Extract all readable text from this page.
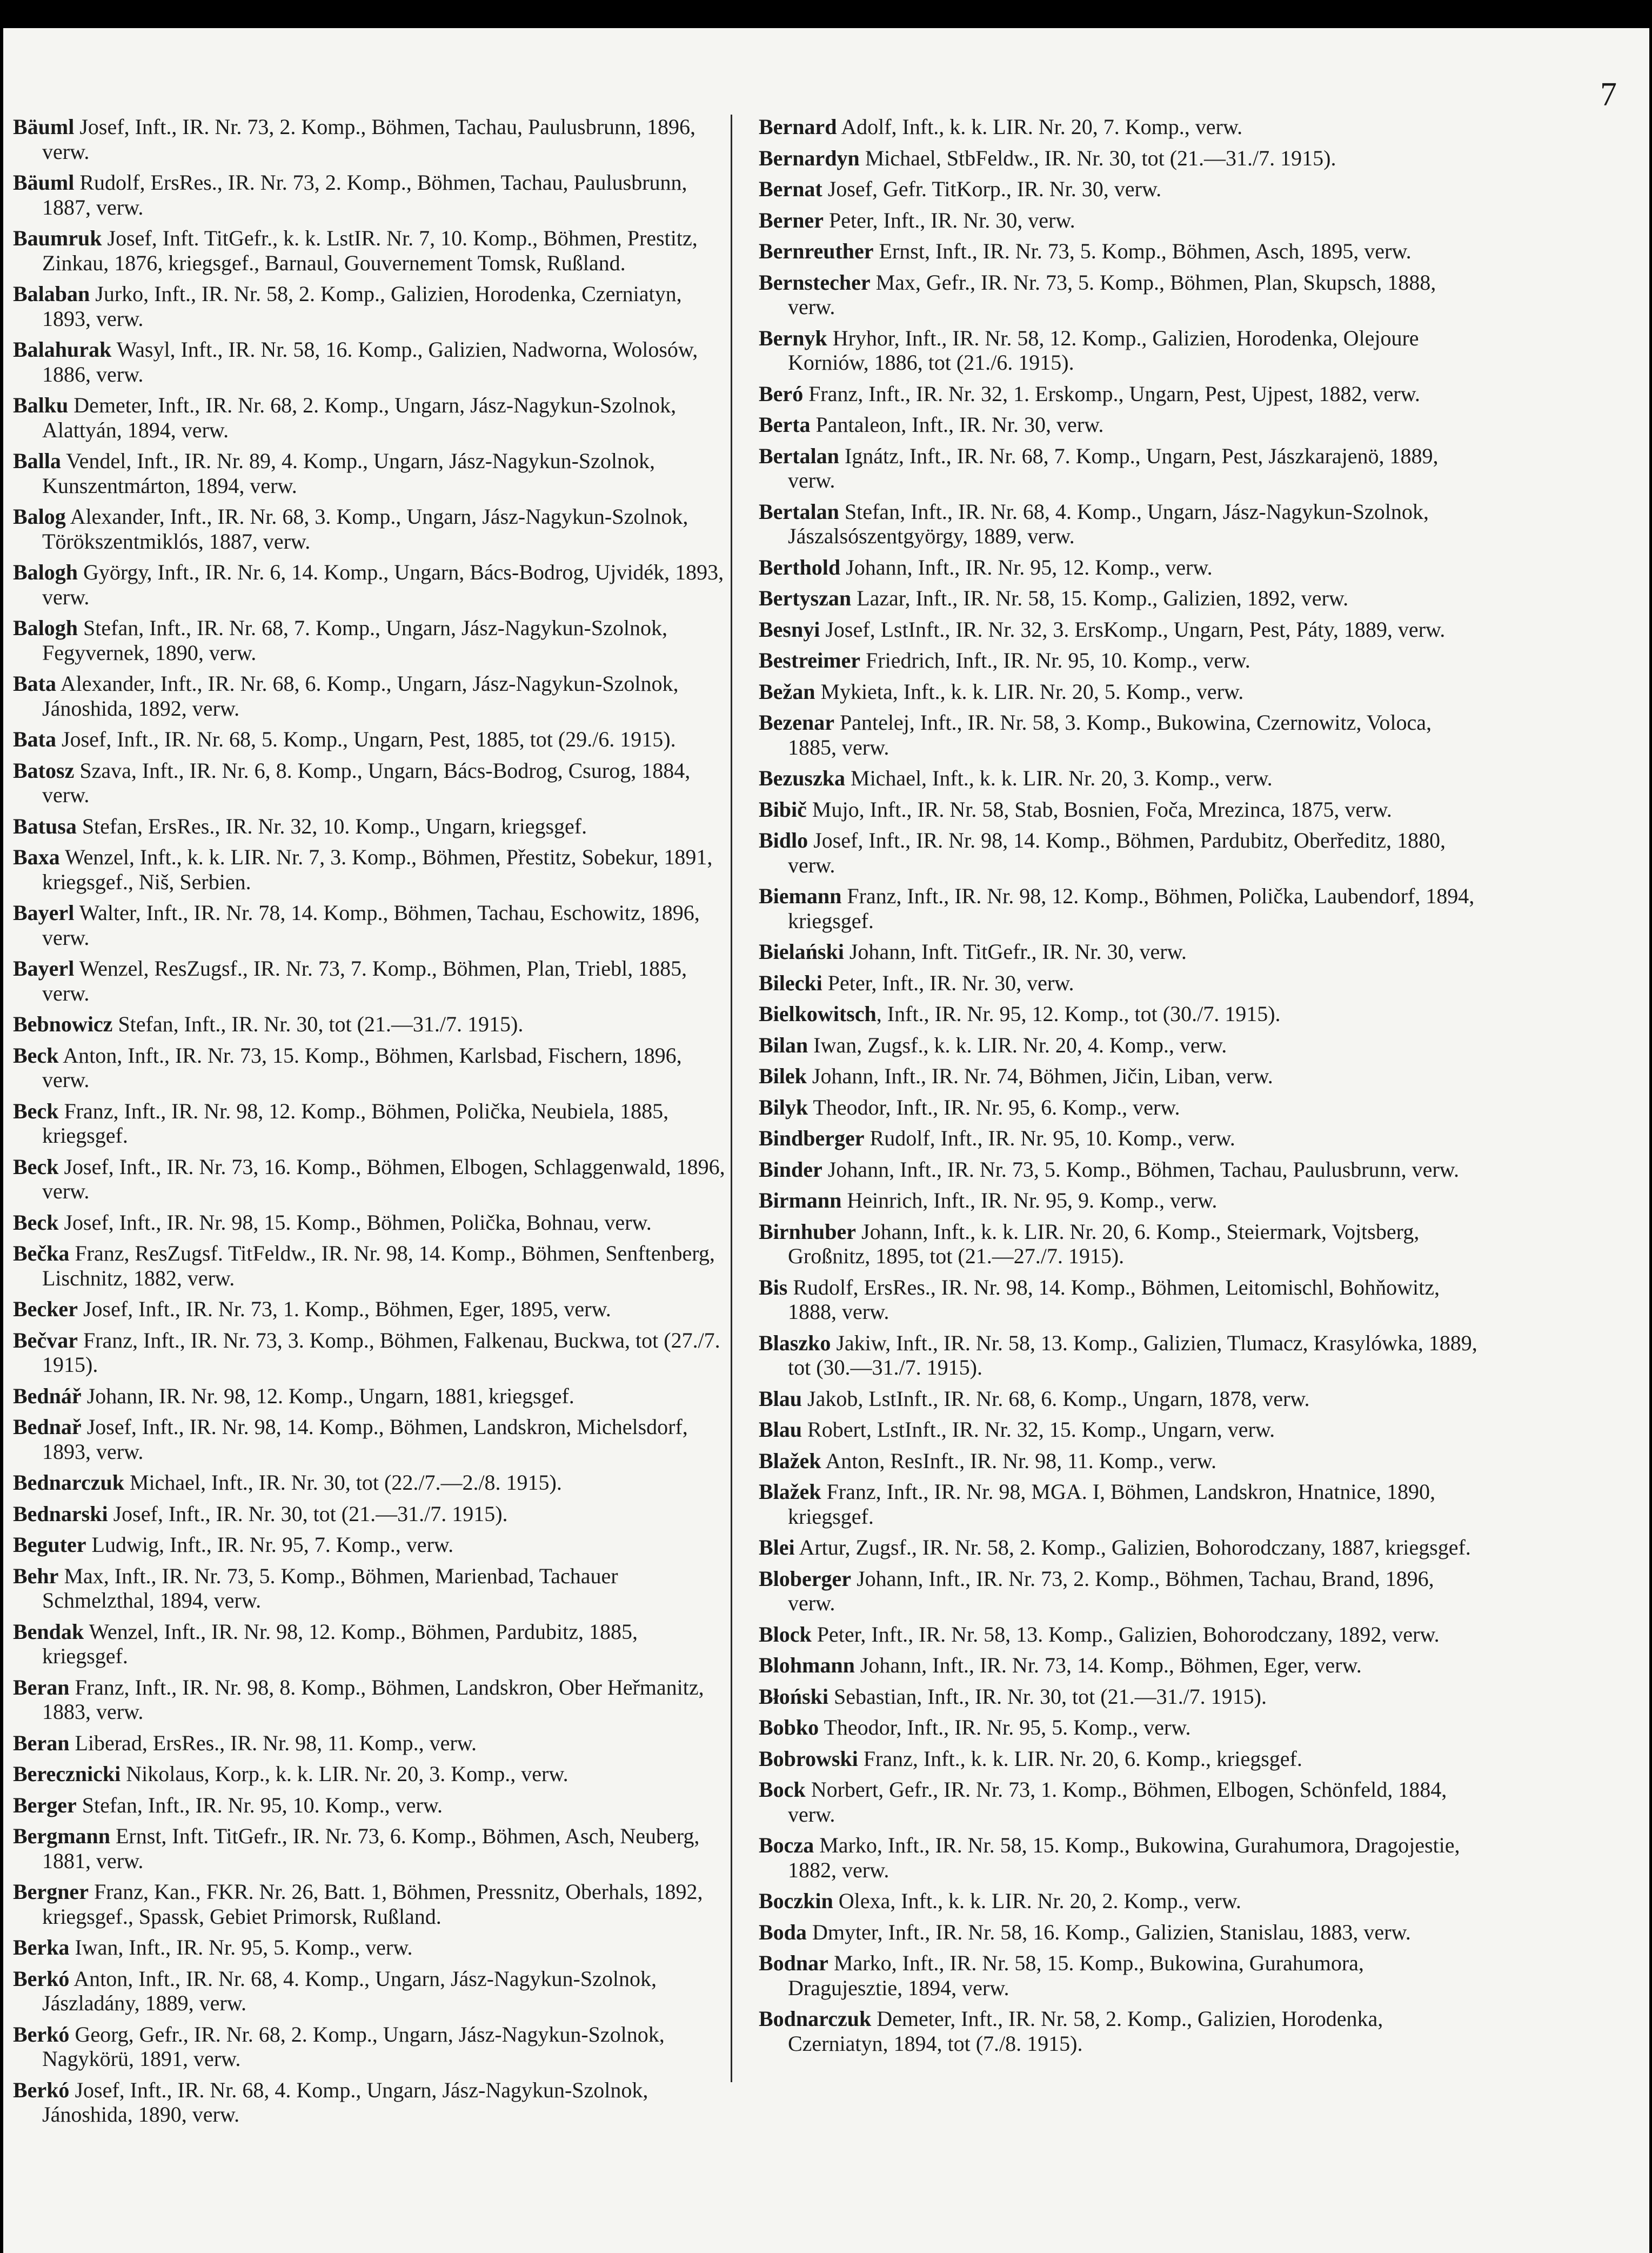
7

Bäuml Josef, Inft., IR. Nr. 73, 2. Komp., Böhmen, Tachau, Paulusbrunn, 1896, verw.

Bäuml Rudolf, ErsRes., IR. Nr. 73, 2. Komp., Böhmen, Tachau, Paulusbrunn, 1887, verw.

Baumruk Josef, Inft. TitGefr., k. k. LstIR. Nr. 7, 10. Komp., Böhmen, Prestitz, Zinkau, 1876, kriegsgef., Barnaul, Gouvernement Tomsk, Rußland.

Balaban Jurko, Inft., IR. Nr. 58, 2. Komp., Galizien, Horodenka, Czerniatyn, 1893, verw.

Balahurak Wasyl, Inft., IR. Nr. 58, 16. Komp., Galizien, Nadworna, Wolosów, 1886, verw.

Balku Demeter, Inft., IR. Nr. 68, 2. Komp., Ungarn, Jász-Nagykun-Szolnok, Alattyán, 1894, verw.

Balla Vendel, Inft., IR. Nr. 89, 4. Komp., Ungarn, Jász-Nagykun-Szolnok, Kunszentmárton, 1894, verw.

Balog Alexander, Inft., IR. Nr. 68, 3. Komp., Ungarn, Jász-Nagykun-Szolnok, Törökszentmiklós, 1887, verw.

Balogh Györgу, Inft., IR. Nr. 6, 14. Komp., Ungarn, Bács-Bodrog, Ujvidék, 1893, verw.

Balogh Stefan, Inft., IR. Nr. 68, 7. Komp., Ungarn, Jász-Nagykun-Szolnok, Fegyvernek, 1890, verw.

Bata Alexander, Inft., IR. Nr. 68, 6. Komp., Ungarn, Jász-Nagykun-Szolnok, Jánoshida, 1892, verw.

Bata Josef, Inft., IR. Nr. 68, 5. Komp., Ungarn, Pest, 1885, tot (29./6. 1915).

Batosz Szava, Inft., IR. Nr. 6, 8. Komp., Ungarn, Bács-Bodrog, Csurog, 1884, verw.

Batusa Stefan, ErsRes., IR. Nr. 32, 10. Komp., Ungarn, kriegsgef.

Baxa Wenzel, Inft., k. k. LIR. Nr. 7, 3. Komp., Böhmen, Přestitz, Sobekur, 1891, kriegsgef., Niš, Serbien.

Bayerl Walter, Inft., IR. Nr. 78, 14. Komp., Böhmen, Tachau, Eschowitz, 1896, verw.

Bayerl Wenzel, ResZugsf., IR. Nr. 73, 7. Komp., Böhmen, Plan, Triebl, 1885, verw.

Bebnowicz Stefan, Inft., IR. Nr. 30, tot (21.—31./7. 1915).

Beck Anton, Inft., IR. Nr. 73, 15. Komp., Böhmen, Karlsbad, Fischern, 1896, verw.

Beck Franz, Inft., IR. Nr. 98, 12. Komp., Böhmen, Polička, Neubiela, 1885, kriegsgef.

Beck Josef, Inft., IR. Nr. 73, 16. Komp., Böhmen, Elbogen, Schlaggenwald, 1896, verw.

Beck Josef, Inft., IR. Nr. 98, 15. Komp., Böhmen, Polička, Bohnau, verw.

Bečka Franz, ResZugsf. TitFeldw., IR. Nr. 98, 14. Komp., Böhmen, Senftenberg, Lischnitz, 1882, verw.

Becker Josef, Inft., IR. Nr. 73, 1. Komp., Böhmen, Eger, 1895, verw.

Bečvar Franz, Inft., IR. Nr. 73, 3. Komp., Böhmen, Falkenau, Buckwa, tot (27./7. 1915).

Bednář Johann, IR. Nr. 98, 12. Komp., Ungarn, 1881, kriegsgef.

Bednař Josef, Inft., IR. Nr. 98, 14. Komp., Böhmen, Landskron, Michelsdorf, 1893, verw.

Bednarczuk Michael, Inft., IR. Nr. 30, tot (22./7.—2./8. 1915).

Bednarski Josef, Inft., IR. Nr. 30, tot (21.—31./7. 1915).

Beguter Ludwig, Inft., IR. Nr. 95, 7. Komp., verw.

Behr Max, Inft., IR. Nr. 73, 5. Komp., Böhmen, Marienbad, Tachauer Schmelzthal, 1894, verw.

Bendak Wenzel, Inft., IR. Nr. 98, 12. Komp., Böhmen, Pardubitz, 1885, kriegsgef.

Beran Franz, Inft., IR. Nr. 98, 8. Komp., Böhmen, Landskron, Ober Heřmanitz, 1883, verw.

Beran Liberad, ErsRes., IR. Nr. 98, 11. Komp., verw.

Berecznicki Nikolaus, Korp., k. k. LIR. Nr. 20, 3. Komp., verw.

Berger Stefan, Inft., IR. Nr. 95, 10. Komp., verw.

Bergmann Ernst, Inft. TitGefr., IR. Nr. 73, 6. Komp., Böhmen, Asch, Neuberg, 1881, verw.

Bergner Franz, Kan., FKR. Nr. 26, Batt. 1, Böhmen, Pressnitz, Oberhals, 1892, kriegsgef., Spassk, Gebiet Primorsk, Rußland.

Berka Iwan, Inft., IR. Nr. 95, 5. Komp., verw.

Berkó Anton, Inft., IR. Nr. 68, 4. Komp., Ungarn, Jász-Nagykun-Szolnok, Jászladány, 1889, verw.

Berkó Georg, Gefr., IR. Nr. 68, 2. Komp., Ungarn, Jász-Nagykun-Szolnok, Nagykörü, 1891, verw.

Berkó Josef, Inft., IR. Nr. 68, 4. Komp., Ungarn, Jász-Nagykun-Szolnok, Jánoshida, 1890, verw.

Bernard Adolf, Inft., k. k. LIR. Nr. 20, 7. Komp., verw.

Bernardyn Michael, StbFeldw., IR. Nr. 30, tot (21.—31./7. 1915).

Bernat Josef, Gefr. TitKorp., IR. Nr. 30, verw.

Berner Peter, Inft., IR. Nr. 30, verw.

Bernreuther Ernst, Inft., IR. Nr. 73, 5. Komp., Böhmen, Asch, 1895, verw.

Bernstecher Max, Gefr., IR. Nr. 73, 5. Komp., Böhmen, Plan, Skupsch, 1888, verw.

Bernyk Hryhor, Inft., IR. Nr. 58, 12. Komp., Galizien, Horodenka, Olejoure Korniów, 1886, tot (21./6. 1915).

Beró Franz, Inft., IR. Nr. 32, 1. Erskomp., Ungarn, Pest, Ujpest, 1882, verw.

Berta Pantaleon, Inft., IR. Nr. 30, verw.

Bertalan Ignátz, Inft., IR. Nr. 68, 7. Komp., Ungarn, Pest, Jászkarajenö, 1889, verw.

Bertalan Stefan, Inft., IR. Nr. 68, 4. Komp., Ungarn, Jász-Nagykun-Szolnok, Jászalsószentgyörgy, 1889, verw.

Berthold Johann, Inft., IR. Nr. 95, 12. Komp., verw.

Bertyszan Lazar, Inft., IR. Nr. 58, 15. Komp., Galizien, 1892, verw.

Besnyi Josef, LstInft., IR. Nr. 32, 3. ErsKomp., Ungarn, Pest, Páty, 1889, verw.

Bestreimer Friedrich, Inft., IR. Nr. 95, 10. Komp., verw.

Bežan Mykieta, Inft., k. k. LIR. Nr. 20, 5. Komp., verw.

Bezenar Pantelej, Inft., IR. Nr. 58, 3. Komp., Bukowina, Czernowitz, Voloca, 1885, verw.

Bezuszka Michael, Inft., k. k. LIR. Nr. 20, 3. Komp., verw.

Bibič Mujo, Inft., IR. Nr. 58, Stab, Bosnien, Foča, Mrezinca, 1875, verw.

Bidlo Josef, Inft., IR. Nr. 98, 14. Komp., Böhmen, Pardubitz, Oberředitz, 1880, verw.

Biemann Franz, Inft., IR. Nr. 98, 12. Komp., Böhmen, Polička, Laubendorf, 1894, kriegsgef.

Bielański Johann, Inft. TitGefr., IR. Nr. 30, verw.

Bilecki Peter, Inft., IR. Nr. 30, verw.

Bielkowitsch, Inft., IR. Nr. 95, 12. Komp., tot (30./7. 1915).

Bilan Iwan, Zugsf., k. k. LIR. Nr. 20, 4. Komp., verw.

Bilek Johann, Inft., IR. Nr. 74, Böhmen, Jičin, Liban, verw.

Bilyk Theodor, Inft., IR. Nr. 95, 6. Komp., verw.

Bindberger Rudolf, Inft., IR. Nr. 95, 10. Komp., verw.

Binder Johann, Inft., IR. Nr. 73, 5. Komp., Böhmen, Tachau, Paulusbrunn, verw.

Birmann Heinrich, Inft., IR. Nr. 95, 9. Komp., verw.

Birnhuber Johann, Inft., k. k. LIR. Nr. 20, 6. Komp., Steiermark, Vojtsberg, Großnitz, 1895, tot (21.—27./7. 1915).

Bis Rudolf, ErsRes., IR. Nr. 98, 14. Komp., Böhmen, Leitomischl, Bohňowitz, 1888, verw.

Blaszko Jakiw, Inft., IR. Nr. 58, 13. Komp., Galizien, Tlumacz, Krasylówka, 1889, tot (30.—31./7. 1915).

Blau Jakob, LstInft., IR. Nr. 68, 6. Komp., Ungarn, 1878, verw.

Blau Robert, LstInft., IR. Nr. 32, 15. Komp., Ungarn, verw.

Blažek Anton, ResInft., IR. Nr. 98, 11. Komp., verw.

Blažek Franz, Inft., IR. Nr. 98, MGA. I, Böhmen, Landskron, Hnatnice, 1890, kriegsgef.

Blei Artur, Zugsf., IR. Nr. 58, 2. Komp., Galizien, Bohorodczany, 1887, kriegsgef.

Bloberger Johann, Inft., IR. Nr. 73, 2. Komp., Böhmen, Tachau, Brand, 1896, verw.

Block Peter, Inft., IR. Nr. 58, 13. Komp., Galizien, Bohorodczany, 1892, verw.

Blohmann Johann, Inft., IR. Nr. 73, 14. Komp., Böhmen, Eger, verw.

Błoński Sebastian, Inft., IR. Nr. 30, tot (21.—31./7. 1915).

Bobko Theodor, Inft., IR. Nr. 95, 5. Komp., verw.

Bobrowski Franz, Inft., k. k. LIR. Nr. 20, 6. Komp., kriegsgef.

Bock Norbert, Gefr., IR. Nr. 73, 1. Komp., Böhmen, Elbogen, Schönfeld, 1884, verw.

Bocza Marko, Inft., IR. Nr. 58, 15. Komp., Bukowina, Gurahumora, Dragojestie, 1882, verw.

Boczkin Olexa, Inft., k. k. LIR. Nr. 20, 2. Komp., verw.

Boda Dmyter, Inft., IR. Nr. 58, 16. Komp., Galizien, Stanislau, 1883, verw.

Bodnar Marko, Inft., IR. Nr. 58, 15. Komp., Bukowina, Gurahumora, Dragujesztie, 1894, verw.

Bodnarczuk Demeter, Inft., IR. Nr. 58, 2. Komp., Galizien, Horodenka, Czerniatyn, 1894, tot (7./8. 1915).
